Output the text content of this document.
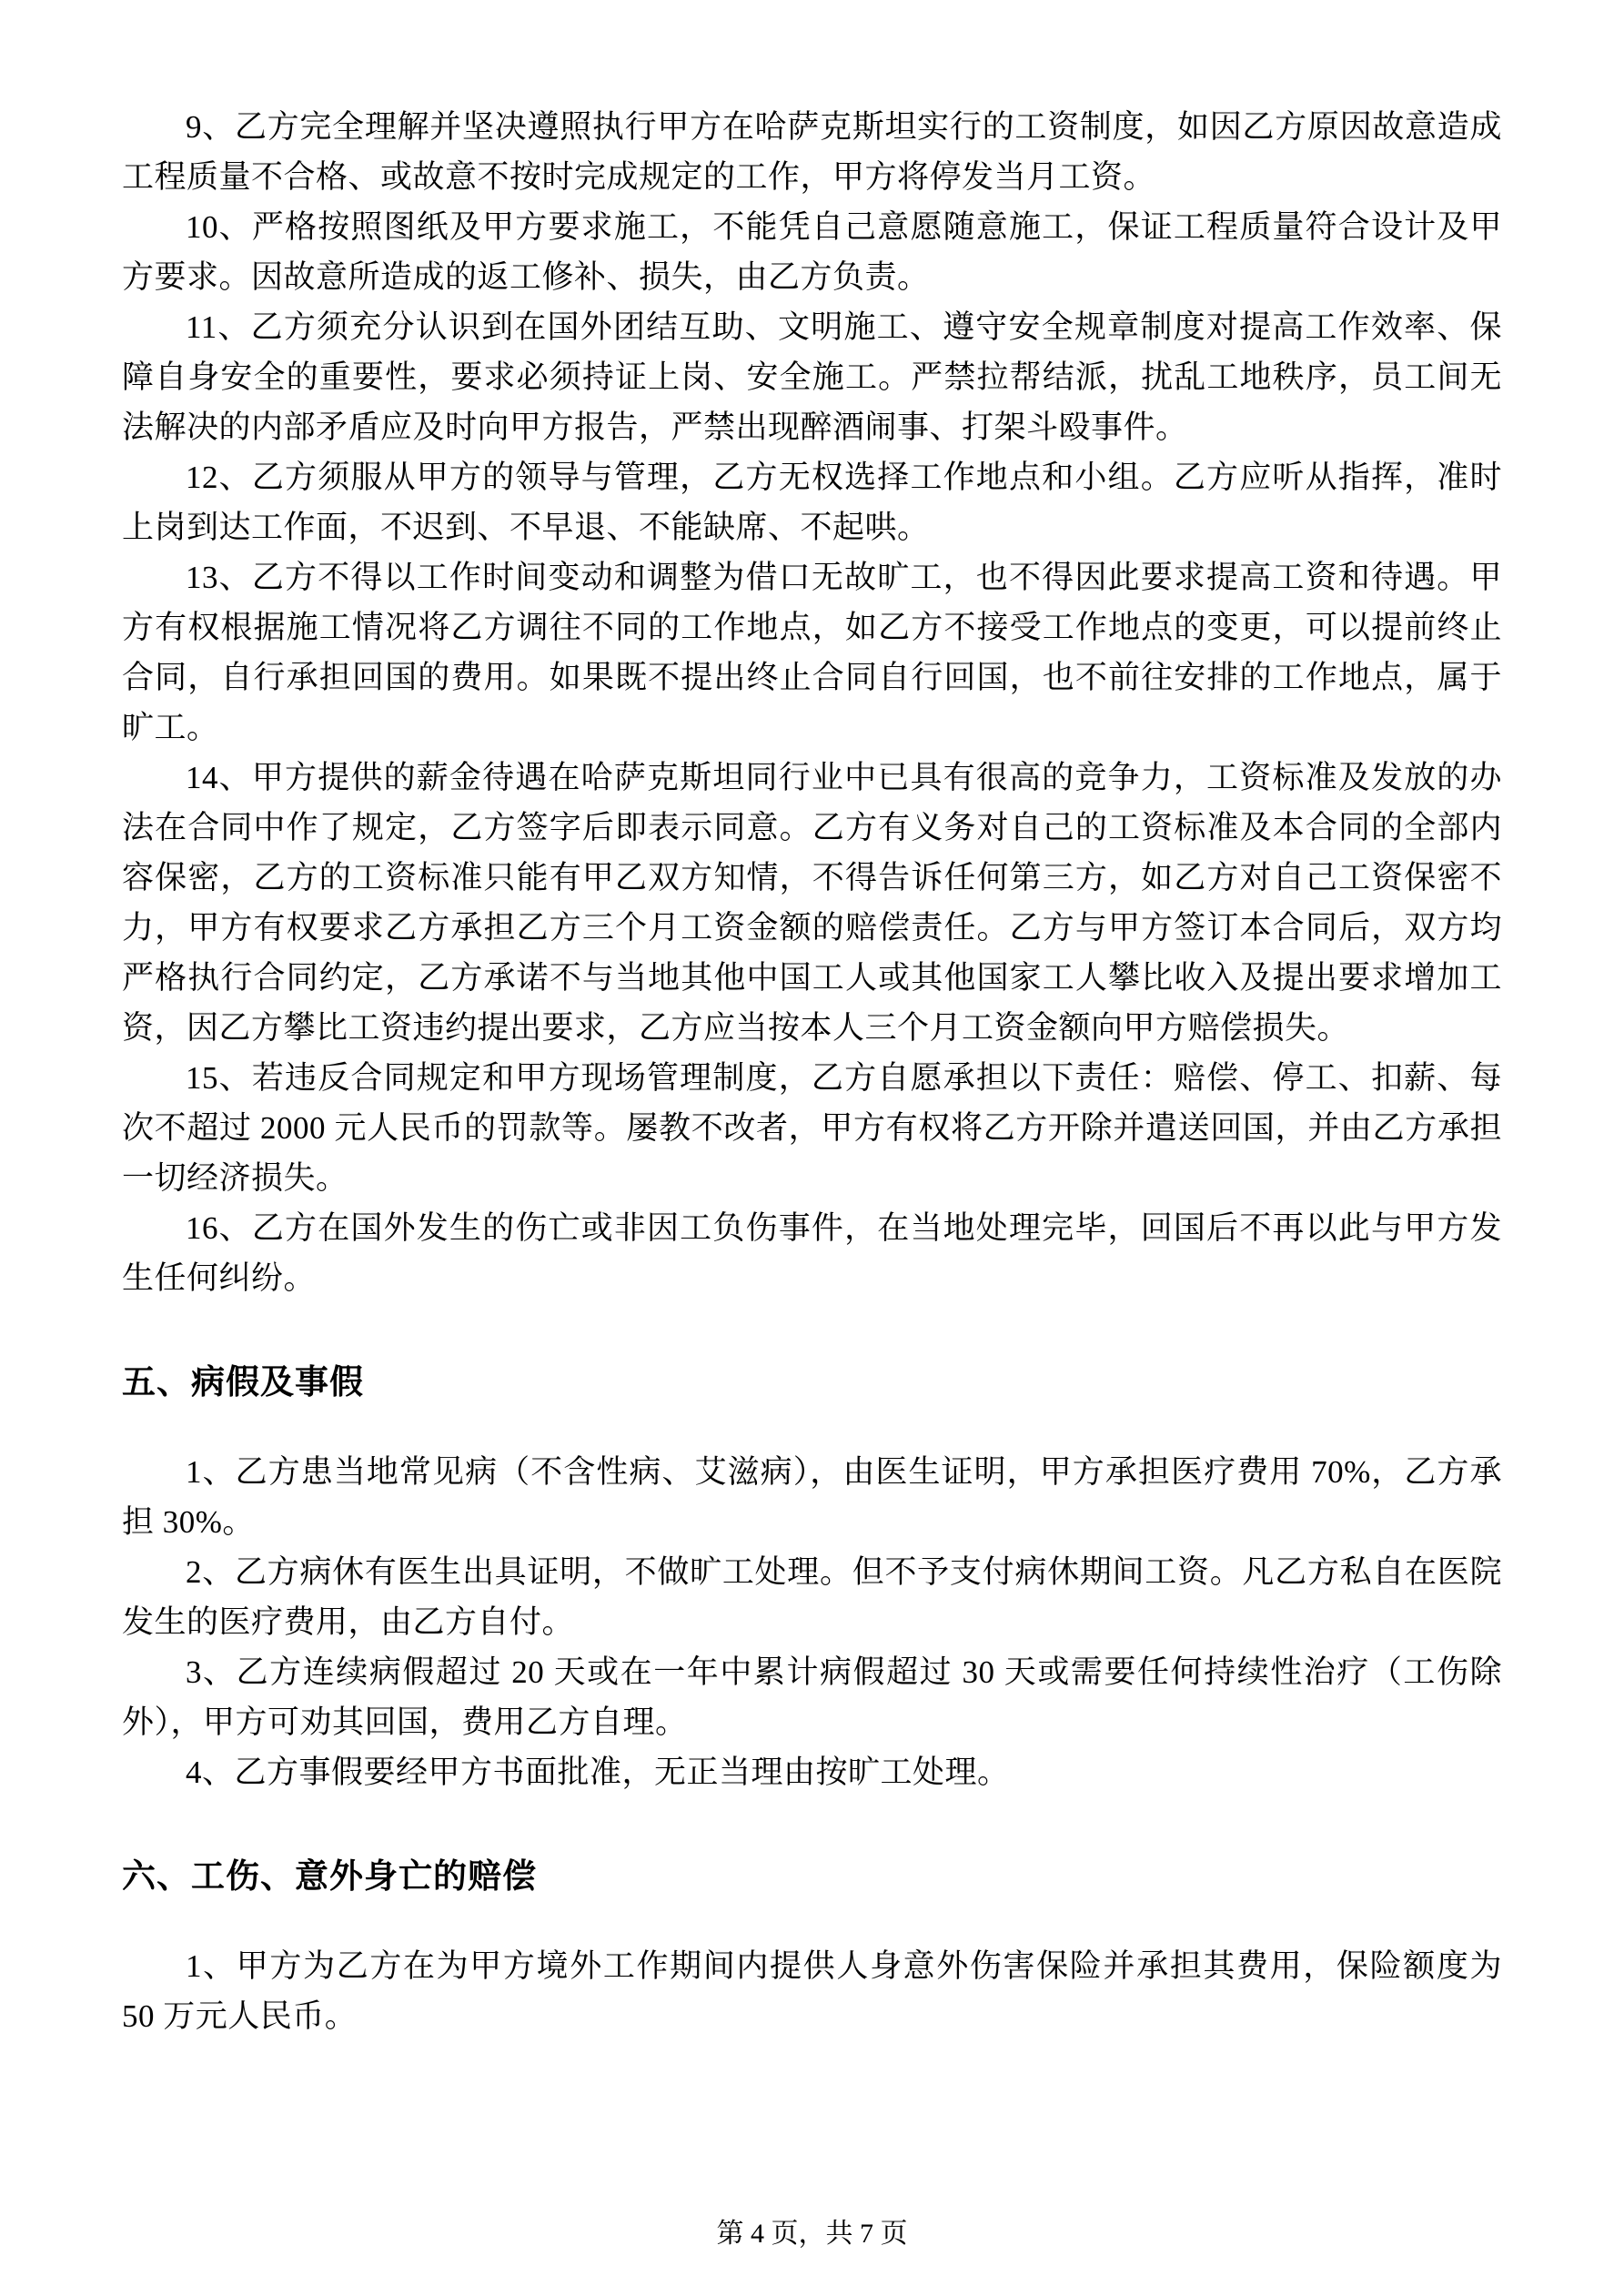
9、乙方完全理解并坚决遵照执行甲方在哈萨克斯坦实行的工资制度，如因乙方原因故意造成工程质量不合格、或故意不按时完成规定的工作，甲方将停发当月工资。

10、严格按照图纸及甲方要求施工，不能凭自己意愿随意施工，保证工程质量符合设计及甲方要求。因故意所造成的返工修补、损失，由乙方负责。

11、乙方须充分认识到在国外团结互助、文明施工、遵守安全规章制度对提高工作效率、保障自身安全的重要性，要求必须持证上岗、安全施工。严禁拉帮结派，扰乱工地秩序，员工间无法解决的内部矛盾应及时向甲方报告，严禁出现醉酒闹事、打架斗殴事件。

12、乙方须服从甲方的领导与管理，乙方无权选择工作地点和小组。乙方应听从指挥，准时上岗到达工作面，不迟到、不早退、不能缺席、不起哄。

13、乙方不得以工作时间变动和调整为借口无故旷工，也不得因此要求提高工资和待遇。甲方有权根据施工情况将乙方调往不同的工作地点，如乙方不接受工作地点的变更，可以提前终止合同，自行承担回国的费用。如果既不提出终止合同自行回国，也不前往安排的工作地点，属于旷工。

14、甲方提供的薪金待遇在哈萨克斯坦同行业中已具有很高的竞争力，工资标准及发放的办法在合同中作了规定，乙方签字后即表示同意。乙方有义务对自己的工资标准及本合同的全部内容保密，乙方的工资标准只能有甲乙双方知情，不得告诉任何第三方，如乙方对自己工资保密不力，甲方有权要求乙方承担乙方三个月工资金额的赔偿责任。乙方与甲方签订本合同后，双方均严格执行合同约定，乙方承诺不与当地其他中国工人或其他国家工人攀比收入及提出要求增加工资，因乙方攀比工资违约提出要求，乙方应当按本人三个月工资金额向甲方赔偿损失。

15、若违反合同规定和甲方现场管理制度，乙方自愿承担以下责任：赔偿、停工、扣薪、每次不超过 2000 元人民币的罚款等。屡教不改者，甲方有权将乙方开除并遣送回国，并由乙方承担一切经济损失。

16、乙方在国外发生的伤亡或非因工负伤事件，在当地处理完毕，回国后不再以此与甲方发生任何纠纷。

五、病假及事假

1、乙方患当地常见病（不含性病、艾滋病），由医生证明，甲方承担医疗费用 70%，乙方承担 30%。

2、乙方病休有医生出具证明，不做旷工处理。但不予支付病休期间工资。凡乙方私自在医院发生的医疗费用，由乙方自付。

3、乙方连续病假超过 20 天或在一年中累计病假超过 30 天或需要任何持续性治疗（工伤除外），甲方可劝其回国，费用乙方自理。

4、乙方事假要经甲方书面批准，无正当理由按旷工处理。

六、工伤、意外身亡的赔偿

1、甲方为乙方在为甲方境外工作期间内提供人身意外伤害保险并承担其费用，保险额度为 50 万元人民币。

第 4 页，共 7 页
